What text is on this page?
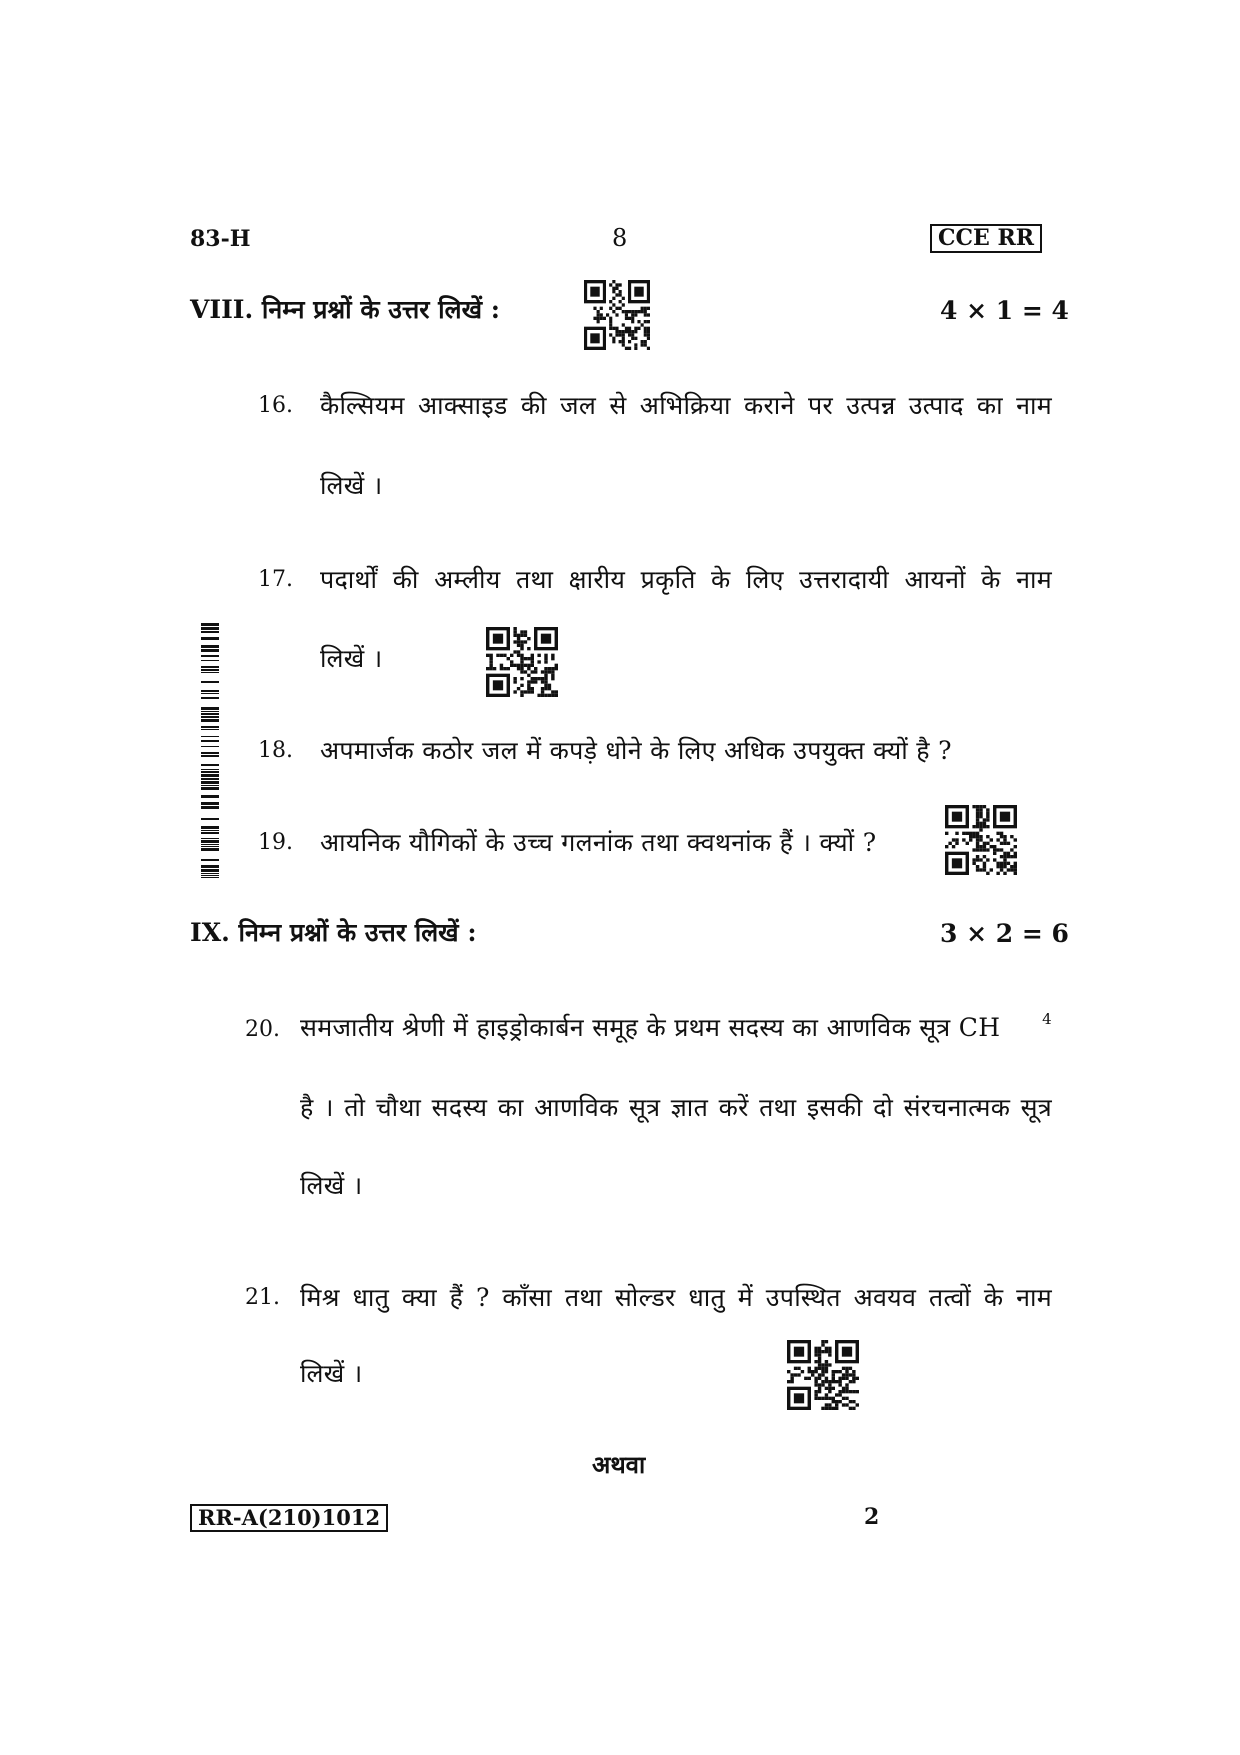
83-H	8	CCE RR
VIII. निम्न प्रश्नों के उत्तर लिखें :	4 × 1 = 4
16. कैल्सियम आक्साइड की जल से अभिक्रिया कराने पर उत्पन्न उत्पाद का नाम
लिखें ।
17. पदार्थों की अम्लीय तथा क्षारीय प्रकृति के लिए उत्तरादायी आयनों के नाम
लिखें ।
18. अपमार्जक कठोर जल में कपड़े धोने के लिए अधिक उपयुक्त क्यों है ?
19. आयनिक यौगिकों के उच्च गलनांक तथा क्वथनांक हैं । क्यों ?
IX. निम्न प्रश्नों के उत्तर लिखें :	3 × 2 = 6
20. समजातीय श्रेणी में हाइड्रोकार्बन समूह के प्रथम सदस्य का आणविक सूत्र CH	4
है । तो चौथा सदस्य का आणविक सूत्र ज्ञात करें तथा इसकी दो संरचनात्मक सूत्र
लिखें ।
21. मिश्र धातु क्या हैं ? काँसा तथा सोल्डर धातु में उपस्थित अवयव तत्वों के नाम
लिखें ।
अथवा
RR-A(210)1012	2
